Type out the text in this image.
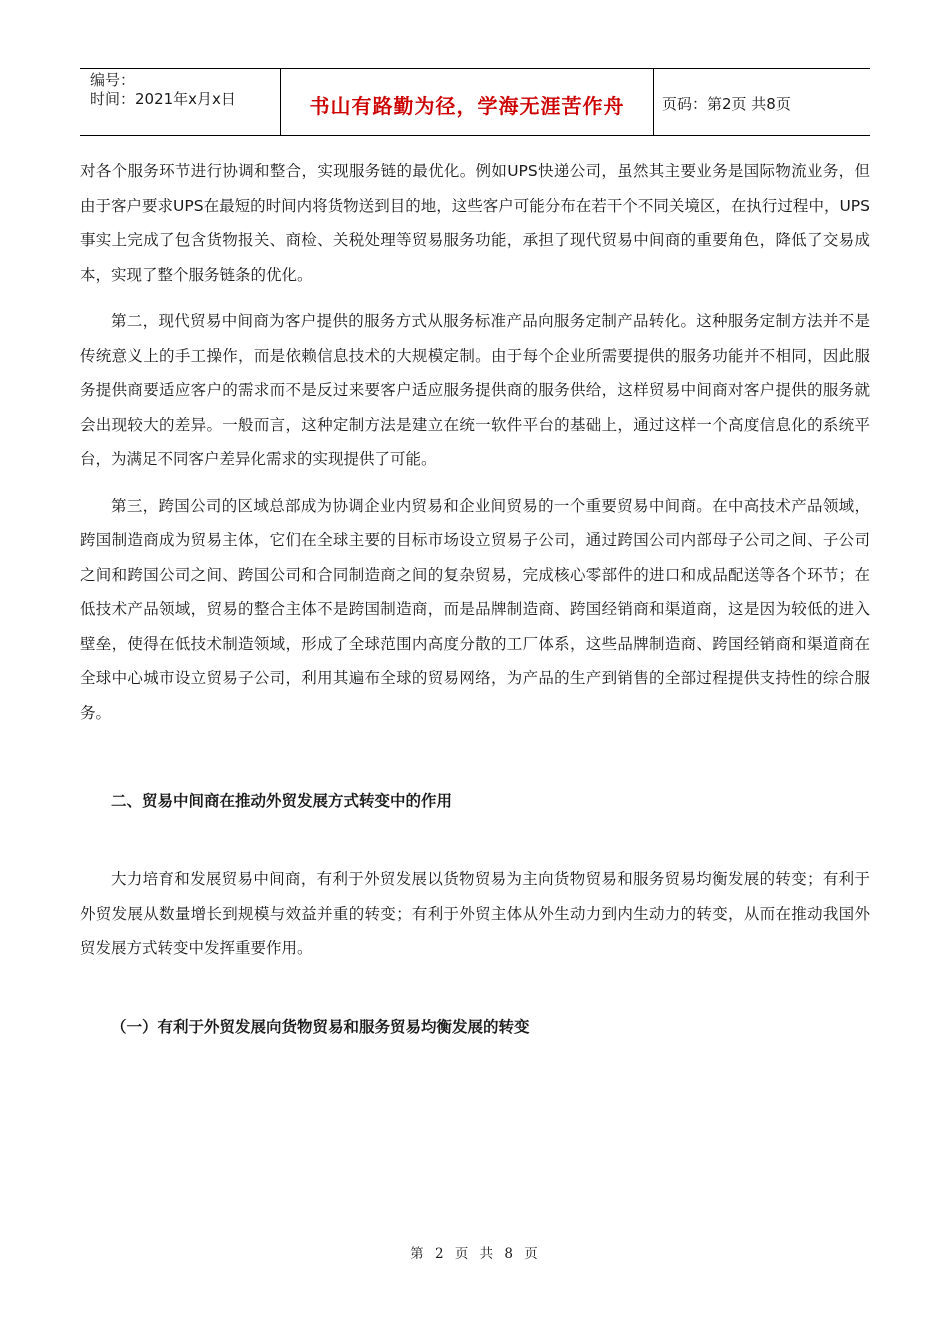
编号：
时间：2021年x月x日	书山有路勤为径，学海无涯苦作舟	页码：第2页 共8页

对各个服务环节进行协调和整合，实现服务链的最优化。例如UPS快递公司，虽然其主要业务是国际物流业务，但由于客户要求UPS在最短的时间内将货物送到目的地，这些客户可能分布在若干个不同关境区，在执行过程中，UPS事实上完成了包含货物报关、商检、关税处理等贸易服务功能，承担了现代贸易中间商的重要角色，降低了交易成本，实现了整个服务链条的优化。

第二，现代贸易中间商为客户提供的服务方式从服务标准产品向服务定制产品转化。这种服务定制方法并不是传统意义上的手工操作，而是依赖信息技术的大规模定制。由于每个企业所需要提供的服务功能并不相同，因此服务提供商要适应客户的需求而不是反过来要客户适应服务提供商的服务供给，这样贸易中间商对客户提供的服务就会出现较大的差异。一般而言，这种定制方法是建立在统一软件平台的基础上，通过这样一个高度信息化的系统平台，为满足不同客户差异化需求的实现提供了可能。

第三，跨国公司的区域总部成为协调企业内贸易和企业间贸易的一个重要贸易中间商。在中高技术产品领域，跨国制造商成为贸易主体，它们在全球主要的目标市场设立贸易子公司，通过跨国公司内部母子公司之间、子公司之间和跨国公司之间、跨国公司和合同制造商之间的复杂贸易，完成核心零部件的进口和成品配送等各个环节；在低技术产品领域，贸易的整合主体不是跨国制造商，而是品牌制造商、跨国经销商和渠道商，这是因为较低的进入壁垒，使得在低技术制造领域，形成了全球范围内高度分散的工厂体系，这些品牌制造商、跨国经销商和渠道商在全球中心城市设立贸易子公司，利用其遍布全球的贸易网络，为产品的生产到销售的全部过程提供支持性的综合服务。

二、贸易中间商在推动外贸发展方式转变中的作用

大力培育和发展贸易中间商，有利于外贸发展以货物贸易为主向货物贸易和服务贸易均衡发展的转变；有利于外贸发展从数量增长到规模与效益并重的转变；有利于外贸主体从外生动力到内生动力的转变，从而在推动我国外贸发展方式转变中发挥重要作用。

（一）有利于外贸发展向货物贸易和服务贸易均衡发展的转变

第 2 页 共 8 页
